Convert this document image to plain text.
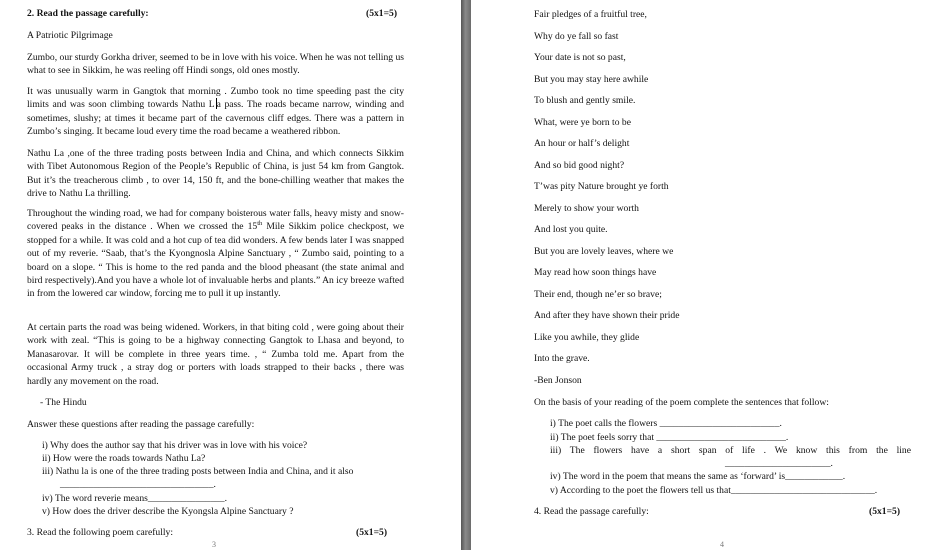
2. Read the passage carefully:	(5x1=5)
A Patriotic Pilgrimage
Zumbo, our sturdy Gorkha driver, seemed to be in love with his voice. When he was not telling us what to see in Sikkim, he was reeling off Hindi songs, old ones mostly.
It was unusually warm in Gangtok that morning . Zumbo took no time speeding past the city limits and was soon climbing towards Nathu L a pass. The roads became narrow, winding and sometimes, slushy; at times it became part of the cavernous cliff edges. There was a pattern in Zumbo’s singing. It became loud every time the road became a weathered ribbon.
Nathu La ,one of the three trading posts between India and China, and which connects Sikkim with Tibet Autonomous Region of the People’s Republic of China, is just 54 km from Gangtok. But it’s the treacherous climb , to over 14, 150 ft, and the bone-chilling weather that makes the drive to Nathu La thrilling.
Throughout the winding road, we had for company boisterous water falls, heavy misty and snow-covered peaks in the distance . When we crossed the 15th Mile Sikkim police checkpost, we stopped for a while. It was cold and a hot cup of tea did wonders. A few bends later I was snapped out of my reverie. “Saab, that’s the Kyongnosla Alpine Sanctuary , “ Zumbo said, pointing to a board on a slope. “ This is home to the red panda and the blood pheasant (the state animal and bird respectively).And you have a whole lot of invaluable herbs and plants.” An icy breeze wafted in from the lowered car window, forcing me to pull it up instantly.
At certain parts the road was being widened. Workers, in that biting cold , were going about their work with zeal. “This is going to be a highway connecting Gangtok to Lhasa and beyond, to Manasarovar. It will be complete in three years time. , “ Zumba told me. Apart from the occasional Army truck , a stray dog or porters with loads strapped to their backs , there was hardly any movement on the road.
- The Hindu
Answer these questions after reading the passage carefully:
i) Why does the author say that his driver was in love with his voice?
ii) How were the roads towards Nathu La?
iii) Nathu la is one of the three trading posts between India and China, and it also
________________________________.
iv) The word reverie means________________.
v) How does the driver describe the Kyongsla Alpine Sanctuary ?
3. Read the following poem carefully:	(5x1=5)
3
Fair pledges of a fruitful tree,
Why do ye fall so fast
Your date is not so past,
But you may stay here awhile
To blush and gently smile.
What, were ye born to be
An hour or half’s delight
And so bid good night?
T’was pity Nature brought ye forth
Merely to show your worth
And lost you quite.
But you are lovely leaves, where we
May read how soon things have
Their end, though ne’er so brave;
And after they have shown their pride
Like you awhile, they glide
Into the grave.
-Ben Jonson
On the basis of your reading of the poem complete the sentences that follow:
i) The poet calls the flowers _________________________.
ii) The poet feels sorry that ___________________________.
iii) The flowers have a short span of life . We know this from the line
______________________.
iv) The word in the poem that means the same as ‘forward’ is____________.
v) According to the poet the flowers tell us that______________________________.
4. Read the passage carefully:	(5x1=5)
4
